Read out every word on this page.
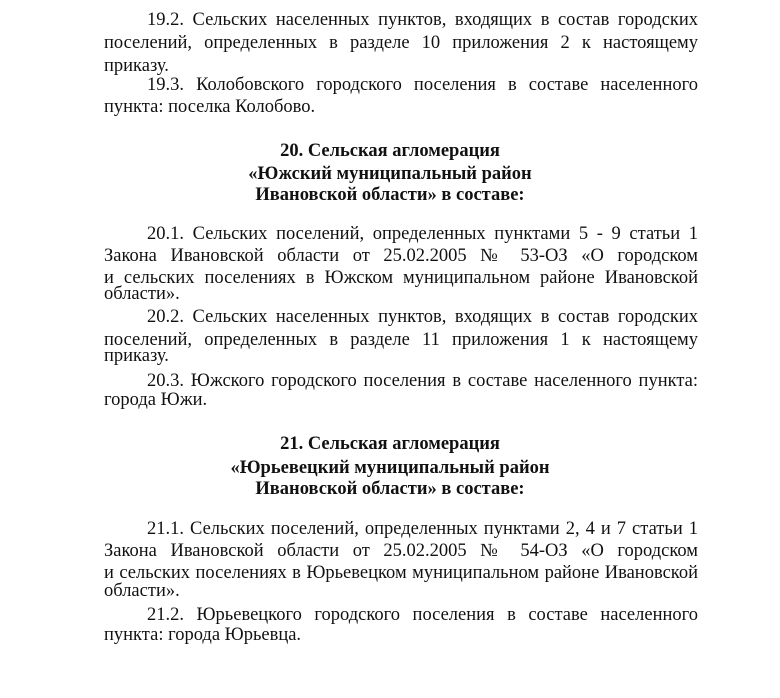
19.2. Сельских населенных пунктов, входящих в состав городских
поселений, определенных в разделе 10 приложения 2 к настоящему
приказу.
19.3. Колобовского городского поселения в составе населенного
пункта: поселка Колобово.
20. Сельская агломерация
«Южский муниципальный район
Ивановской области» в составе:
20.1. Сельских поселений, определенных пунктами 5 - 9 статьи 1
Закона Ивановской области от 25.02.2005 № 53-ОЗ «О городском
и сельских поселениях в Южском муниципальном районе Ивановской
области».
20.2. Сельских населенных пунктов, входящих в состав городских
поселений, определенных в разделе 11 приложения 1 к настоящему
приказу.
20.3. Южского городского поселения в составе населенного пункта:
города Южи.
21. Сельская агломерация
«Юрьевецкий муниципальный район
Ивановской области» в составе:
21.1. Сельских поселений, определенных пунктами 2, 4 и 7 статьи 1
Закона Ивановской области от 25.02.2005 № 54-ОЗ «О городском
и сельских поселениях в Юрьевецком муниципальном районе Ивановской
области».
21.2. Юрьевецкого городского поселения в составе населенного
пункта: города Юрьевца.
